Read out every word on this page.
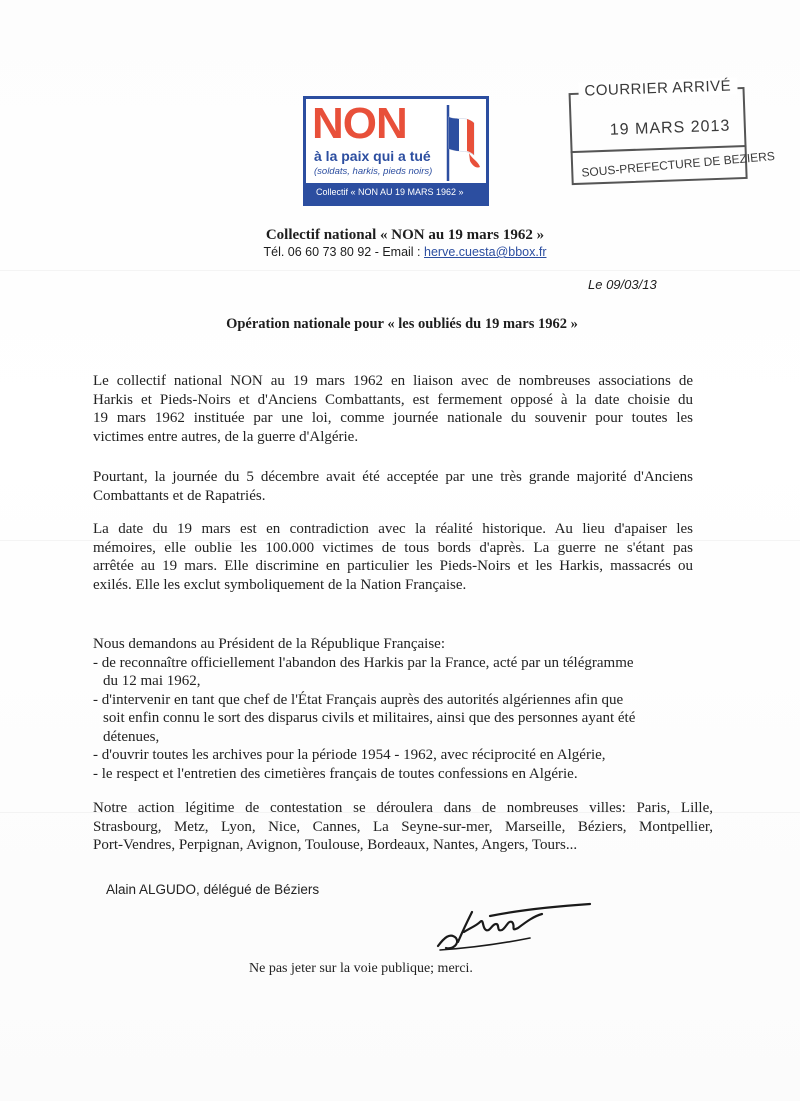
NON
à la paix qui a tué
(soldats, harkis, pieds noirs)
Collectif « NON AU 19 MARS 1962 »
COURRIER ARRIVÉ
19 MARS 2013
SOUS-PREFECTURE DE BEZIERS
Collectif national « NON au 19 mars 1962 »
Tél. 06 60 73 80 92 - Email : herve.cuesta@bbox.fr
Le 09/03/13
Opération nationale pour « les oubliés du 19 mars 1962 »
Le collectif national NON au 19 mars 1962 en liaison avec de nombreuses associations de
Harkis et Pieds-Noirs et d'Anciens Combattants, est fermement opposé à la date choisie du
19 mars 1962 instituée par une loi, comme journée nationale du souvenir pour toutes les
victimes entre autres, de la guerre d'Algérie.
Pourtant, la journée du 5 décembre avait été acceptée par une très grande majorité d'Anciens
Combattants et de Rapatriés.
La date du 19 mars est en contradiction avec la réalité historique. Au lieu d'apaiser les
mémoires, elle oublie les 100.000 victimes de tous bords d'après. La guerre ne s'étant pas
arrêtée au 19 mars. Elle discrimine en particulier les Pieds-Noirs et les Harkis, massacrés ou
exilés. Elle les exclut symboliquement de la Nation Française.
Nous demandons au Président de la République Française:
- de reconnaître officiellement l'abandon des Harkis par la France, acté par un télégramme
du 12 mai 1962,
- d'intervenir en tant que chef de l'État Français auprès des autorités algériennes afin que
soit enfin connu le sort des disparus civils et militaires, ainsi que des personnes ayant été
détenues,
- d'ouvrir toutes les archives pour la période 1954 - 1962, avec réciprocité en Algérie,
- le respect et l'entretien des cimetières français de toutes confessions en Algérie.
Notre action légitime de contestation se déroulera dans de nombreuses villes: Paris, Lille,
Strasbourg, Metz, Lyon, Nice, Cannes, La Seyne-sur-mer, Marseille, Béziers, Montpellier,
Port-Vendres, Perpignan, Avignon, Toulouse, Bordeaux, Nantes, Angers, Tours...
Alain ALGUDO, délégué de Béziers
Ne pas jeter sur la voie publique; merci.
